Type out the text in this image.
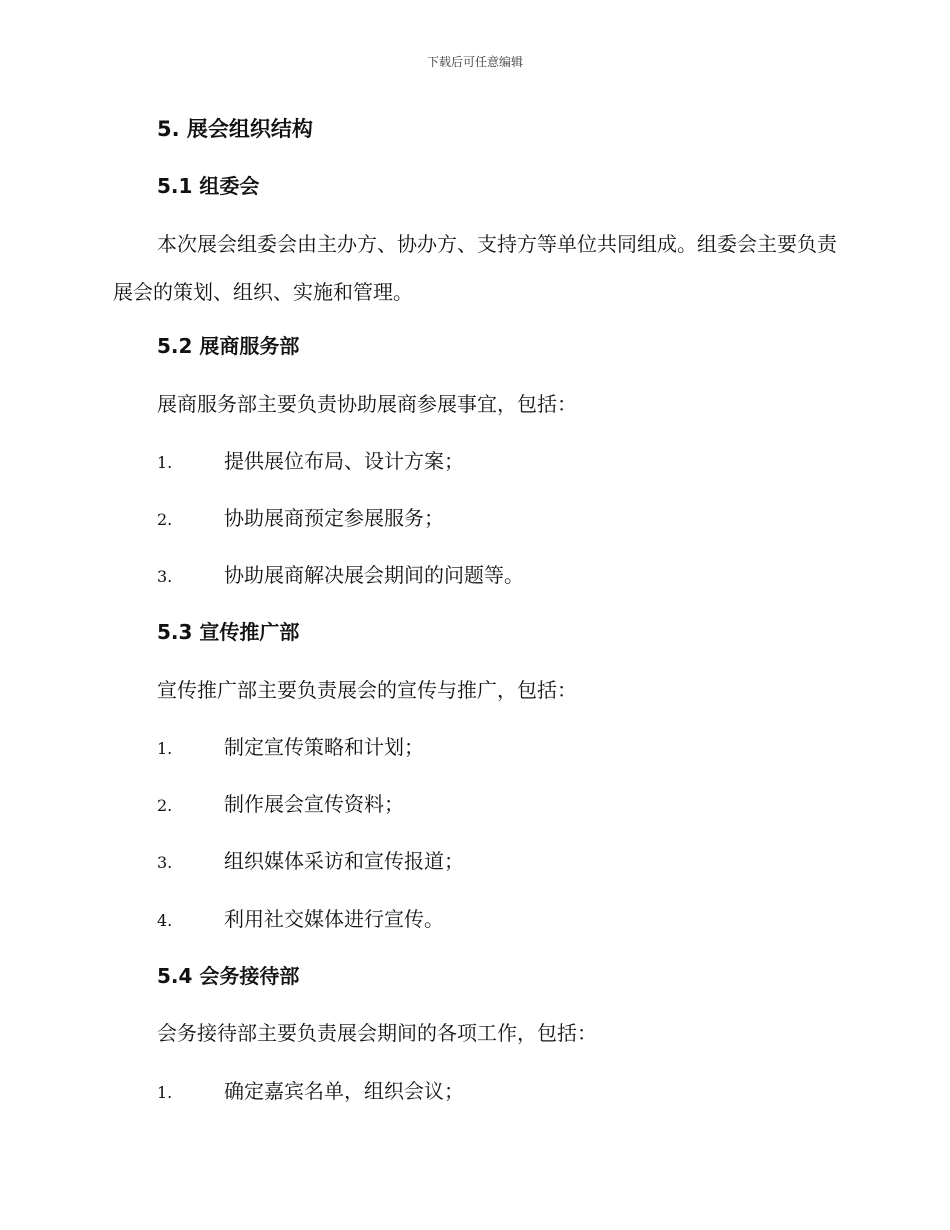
下载后可任意编辑
5. 展会组织结构
5.1 组委会
本次展会组委会由主办方、协办方、支持方等单位共同组成。组委会主要负责展会的策划、组织、实施和管理。
5.2 展商服务部
展商服务部主要负责协助展商参展事宜，包括：
1.	提供展位布局、设计方案；
2.	协助展商预定参展服务；
3.	协助展商解决展会期间的问题等。
5.3 宣传推广部
宣传推广部主要负责展会的宣传与推广，包括：
1.	制定宣传策略和计划；
2.	制作展会宣传资料；
3.	组织媒体采访和宣传报道；
4.	利用社交媒体进行宣传。
5.4 会务接待部
会务接待部主要负责展会期间的各项工作，包括：
1.	确定嘉宾名单，组织会议；
